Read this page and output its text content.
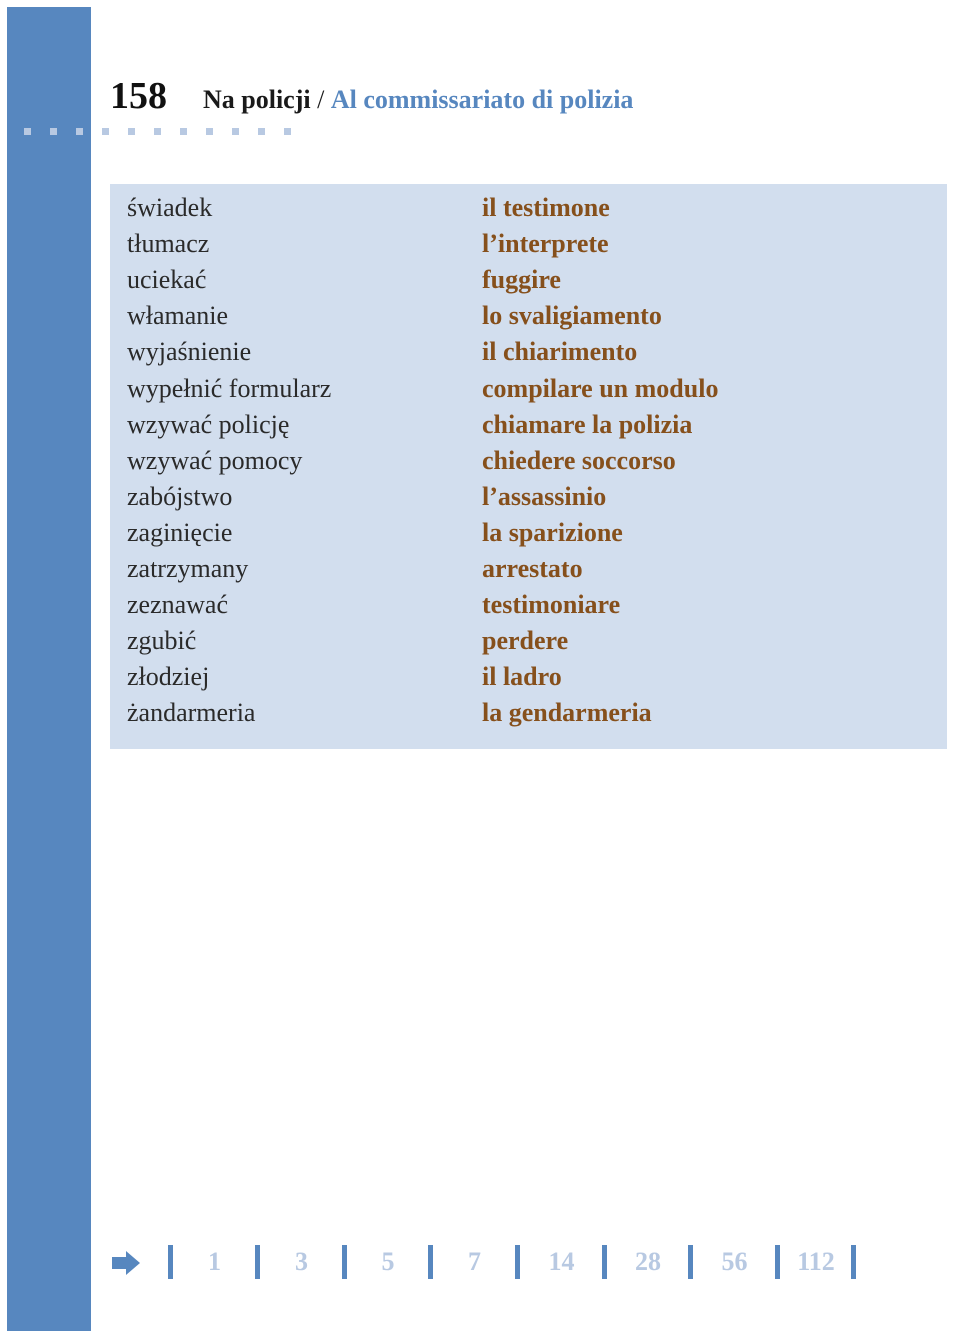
158 Na policji / Al commissariato di polizia
świadek	il testimone
tłumacz	l’interprete
uciekać	fuggire
włamanie	lo svaligiamento
wyjaśnienie	il chiarimento
wypełnić formularz	compilare un modulo
wzywać policję	chiamare la polizia
wzywać pomocy	chiedere soccorso
zabójstwo	l’assassinio
zaginięcie	la sparizione
zatrzymany	arrestato
zeznawać	testimoniare
zgubić	perdere
złodziej	il ladro
żandarmeria	la gendarmeria
1	3	5	7	14	28	56	112
